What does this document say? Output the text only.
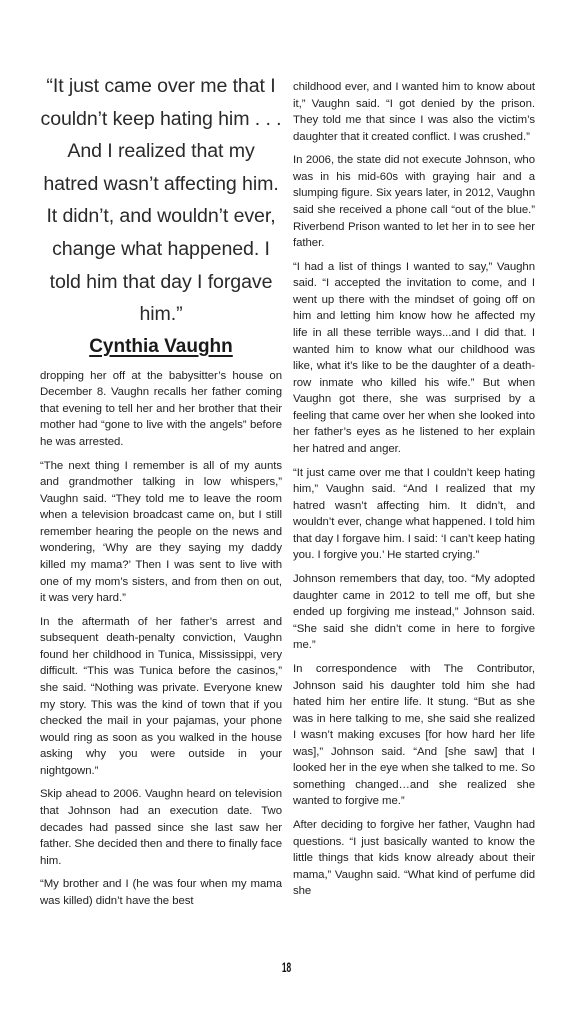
“It just came over me that I couldn’t keep hating him . . . And I realized that my hatred wasn’t affecting him. It didn’t, and wouldn’t ever, change what happened. I told him that day I forgave him.”

Cynthia Vaughn

dropping her off at the babysitter’s house on December 8. Vaughn recalls her father coming that evening to tell her and her brother that their mother had “gone to live with the angels” before he was arrested.

“The next thing I remember is all of my aunts and grandmother talking in low whispers,” Vaughn said. “They told me to leave the room when a television broadcast came on, but I still remember hearing the people on the news and wondering, ‘Why are they saying my daddy killed my mama?’ Then I was sent to live with one of my mom’s sisters, and from then on out, it was very hard.”

In the aftermath of her father’s arrest and subsequent death-penalty conviction, Vaughn found her childhood in Tunica, Mississippi, very difficult. “This was Tunica before the casinos,” she said. “Nothing was private. Everyone knew my story. This was the kind of town that if you checked the mail in your pajamas, your phone would ring as soon as you walked in the house asking why you were outside in your nightgown.”

Skip ahead to 2006. Vaughn heard on television that Johnson had an execution date. Two decades had passed since she last saw her father. She decided then and there to finally face him.

“My brother and I (he was four when my mama was killed) didn’t have the best

childhood ever, and I wanted him to know about it,” Vaughn said. “I got denied by the prison. They told me that since I was also the victim’s daughter that it created conflict. I was crushed.”

In 2006, the state did not execute Johnson, who was in his mid-60s with graying hair and a slumping figure. Six years later, in 2012, Vaughn said she received a phone call “out of the blue.” Riverbend Prison wanted to let her in to see her father.

“I had a list of things I wanted to say,” Vaughn said. “I accepted the invitation to come, and I went up there with the mindset of going off on him and letting him know how he affected my life in all these terrible ways...and I did that. I wanted him to know what our childhood was like, what it’s like to be the daughter of a death-row inmate who killed his wife.” But when Vaughn got there, she was surprised by a feeling that came over her when she looked into her father’s eyes as he listened to her explain her hatred and anger.

“It just came over me that I couldn’t keep hating him,” Vaughn said. “And I realized that my hatred wasn’t affecting him. It didn’t, and wouldn’t ever, change what happened. I told him that day I forgave him. I said: ‘I can’t keep hating you. I forgive you.’ He started crying.”

Johnson remembers that day, too. “My adopted daughter came in 2012 to tell me off, but she ended up forgiving me instead,” Johnson said. “She said she didn’t come in here to forgive me.”

In correspondence with The Contributor, Johnson said his daughter told him she had hated him her entire life. It stung. “But as she was in here talking to me, she said she realized I wasn’t making excuses [for how hard her life was],” Johnson said. “And [she saw] that I looked her in the eye when she talked to me. So something changed…and she realized she wanted to forgive me.”

After deciding to forgive her father, Vaughn had questions. “I just basically wanted to know the little things that kids know already about their mama,” Vaughn said. “What kind of perfume did she

18
